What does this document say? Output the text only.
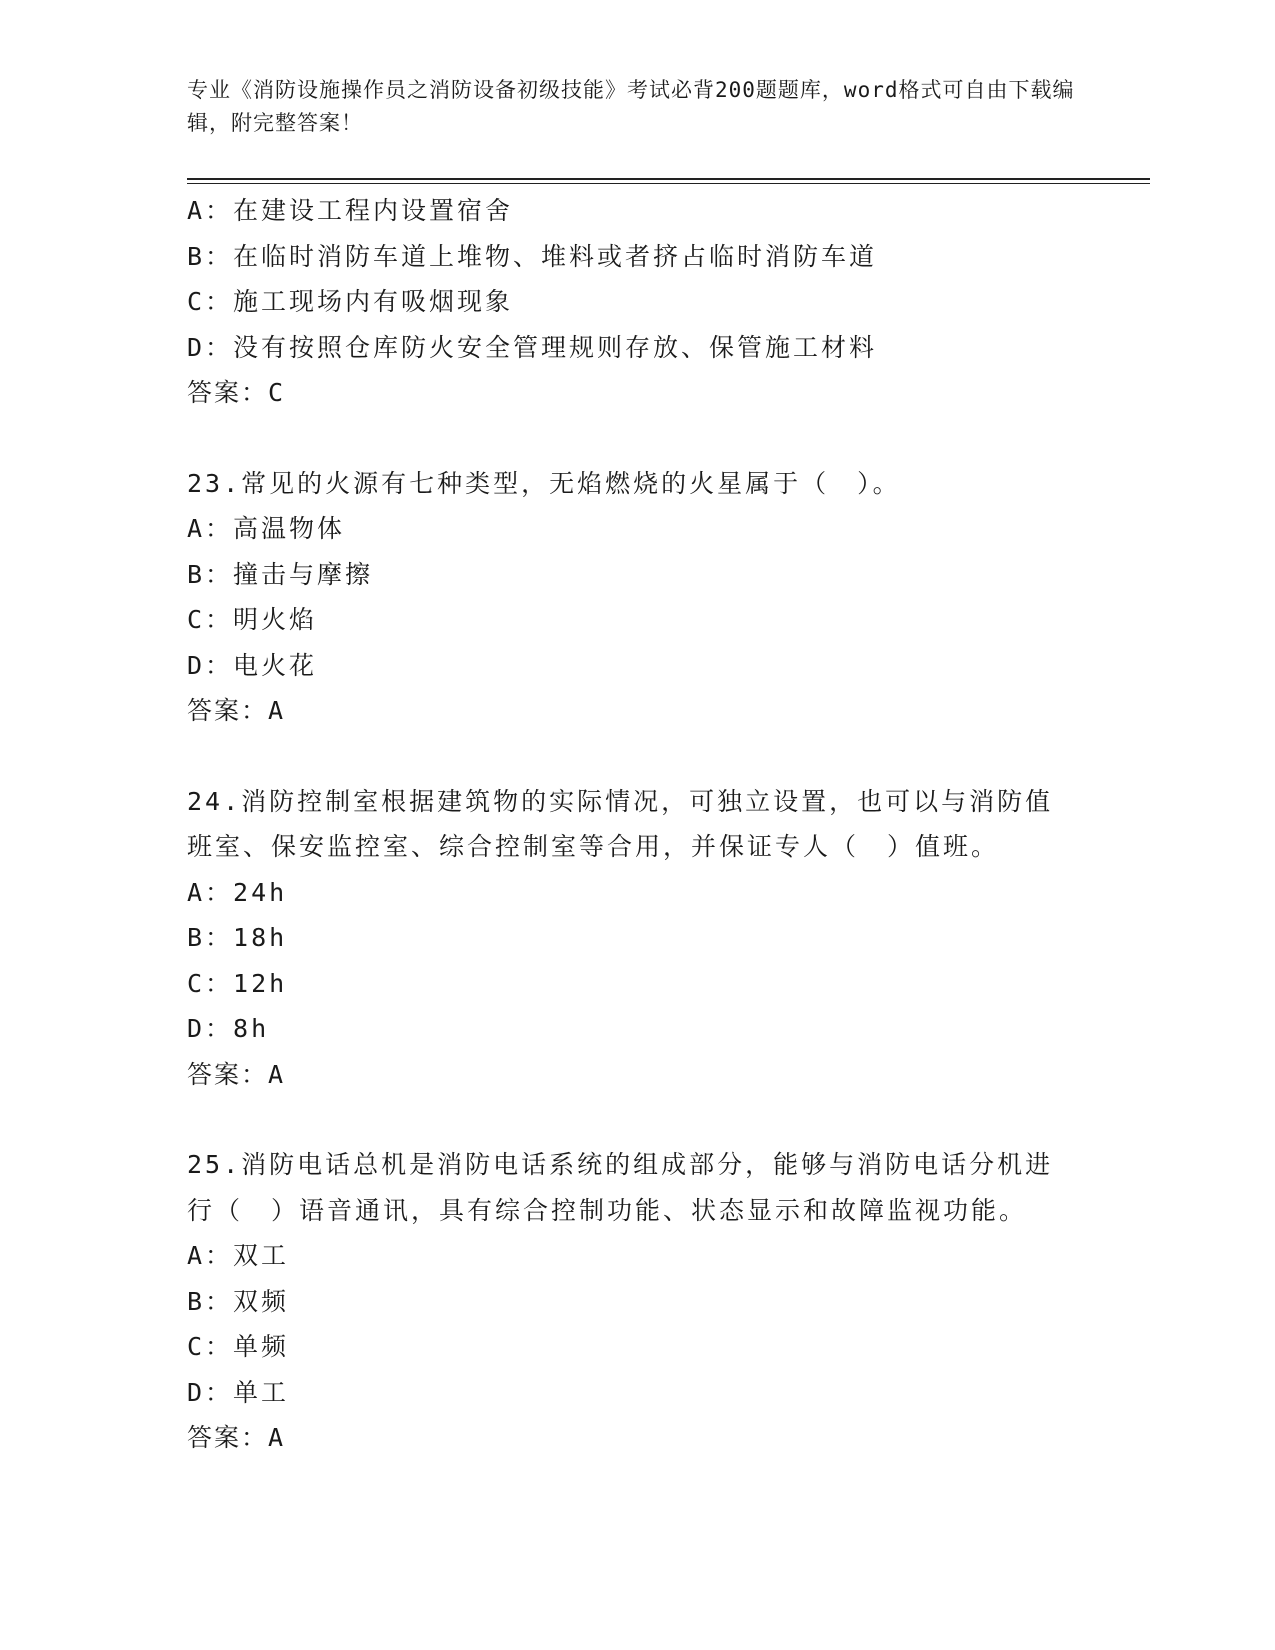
专业《消防设施操作员之消防设备初级技能》考试必背200题题库，word格式可自由下载编辑，附完整答案！
A：在建设工程内设置宿舍
B：在临时消防车道上堆物、堆料或者挤占临时消防车道
C：施工现场内有吸烟现象
D：没有按照仓库防火安全管理规则存放、保管施工材料
答案：C
23.常见的火源有七种类型，无焰燃烧的火星属于（　）。
A：高温物体
B：撞击与摩擦
C：明火焰
D：电火花
答案：A
24.消防控制室根据建筑物的实际情况，可独立设置，也可以与消防值班室、保安监控室、综合控制室等合用，并保证专人（　）值班。
A：24h
B：18h
C：12h
D：8h
答案：A
25.消防电话总机是消防电话系统的组成部分，能够与消防电话分机进行（　）语音通讯，具有综合控制功能、状态显示和故障监视功能。
A：双工
B：双频
C：单频
D：单工
答案：A
